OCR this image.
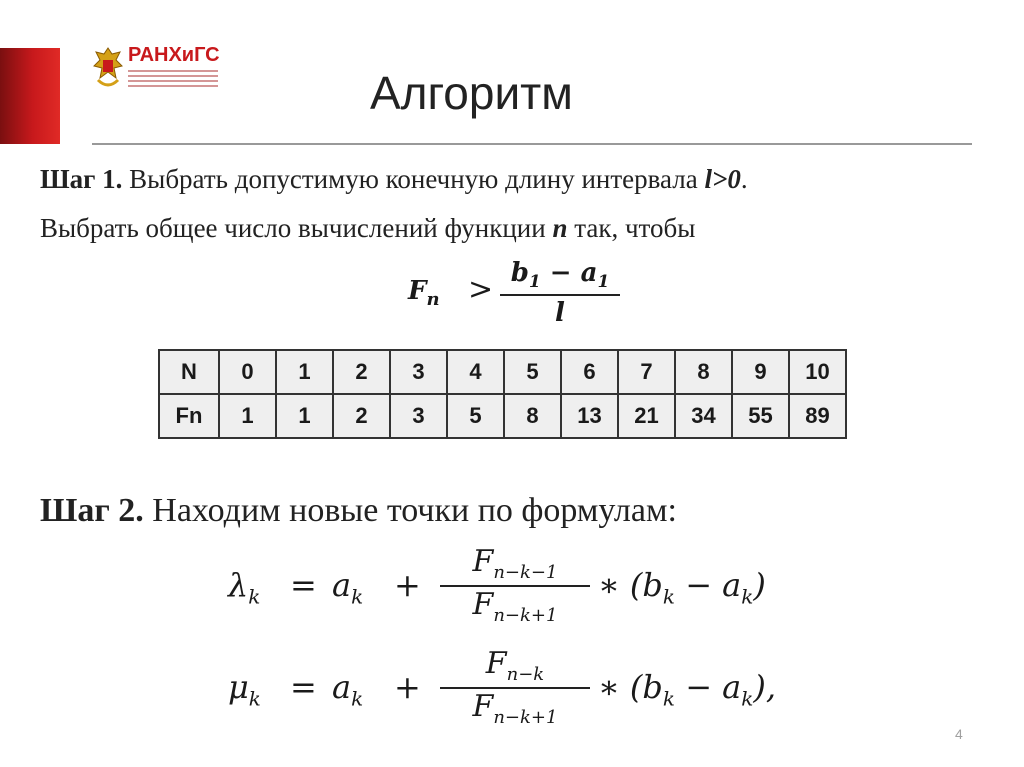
РАНХиГС
Алгоритм
Шаг 1. Выбрать допустимую конечную длину интервала l>0.
Выбрать общее число вычислений функции n так, чтобы
$F_n > \frac{b_1 - a_1}{l}$
N	0	1	2	3	4	5	6	7	8	9	10
Fn	1	1	2	3	5	8	13	21	34	55	89
Шаг 2. Находим новые точки по формулам:
$\lambda_k = a_k + \frac{F_{n-k-1}}{F_{n-k+1}}$ ∗ $(b_k - a_k)$
$\mu_k = a_k + \frac{F_{n-k}}{F_{n-k+1}}$ ∗ $(b_k - a_k)$,
4
